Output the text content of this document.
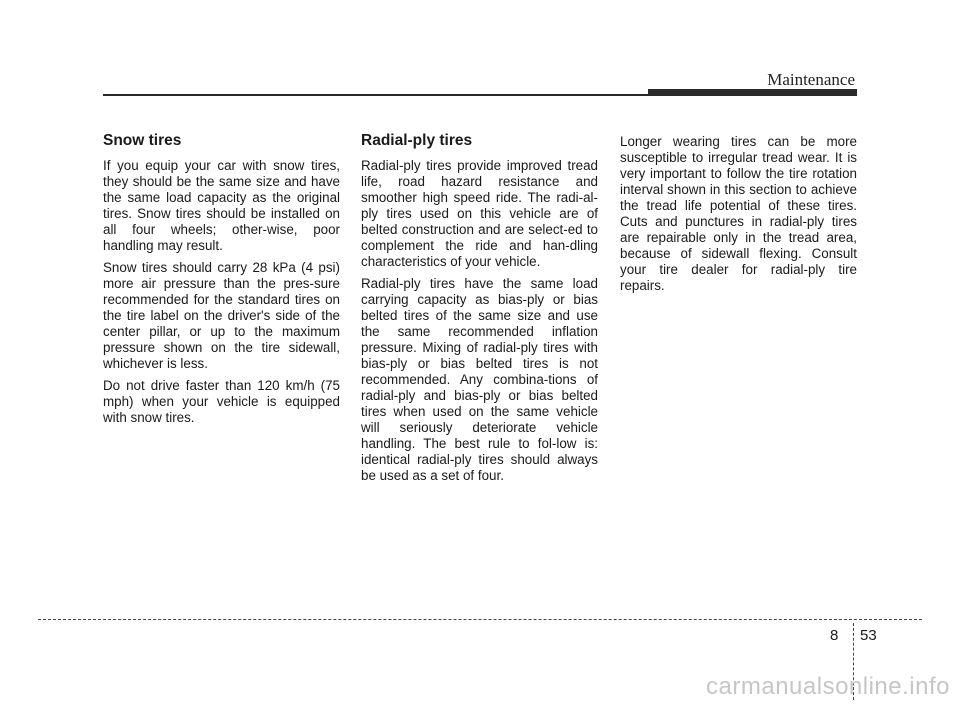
Maintenance
Snow tires

If you equip your car with snow tires, they should be the same size and have the same load capacity as the original tires. Snow tires should be installed on all four wheels; other-wise, poor handling may result.

Snow tires should carry 28 kPa (4 psi) more air pressure than the pres-sure recommended for the standard tires on the tire label on the driver's side of the center pillar, or up to the maximum pressure shown on the tire sidewall, whichever is less.

Do not drive faster than 120 km/h (75 mph) when your vehicle is equipped with snow tires.

Radial-ply tires

Radial-ply tires provide improved tread life, road hazard resistance and smoother high speed ride. The radi-al-ply tires used on this vehicle are of belted construction and are select-ed to complement the ride and han-dling characteristics of your vehicle.

Radial-ply tires have the same load carrying capacity as bias-ply or bias belted tires of the same size and use the same recommended inflation pressure. Mixing of radial-ply tires with bias-ply or bias belted tires is not recommended. Any combina-tions of radial-ply and bias-ply or bias belted tires when used on the same vehicle will seriously deteriorate vehicle handling. The best rule to fol-low is: identical radial-ply tires should always be used as a set of four.

Longer wearing tires can be more susceptible to irregular tread wear. It is very important to follow the tire rotation interval shown in this section to achieve the tread life potential of these tires. Cuts and punctures in radial-ply tires are repairable only in the tread area, because of sidewall flexing. Consult your tire dealer for radial-ply tire repairs.

8 53
carmanualsonline.info
